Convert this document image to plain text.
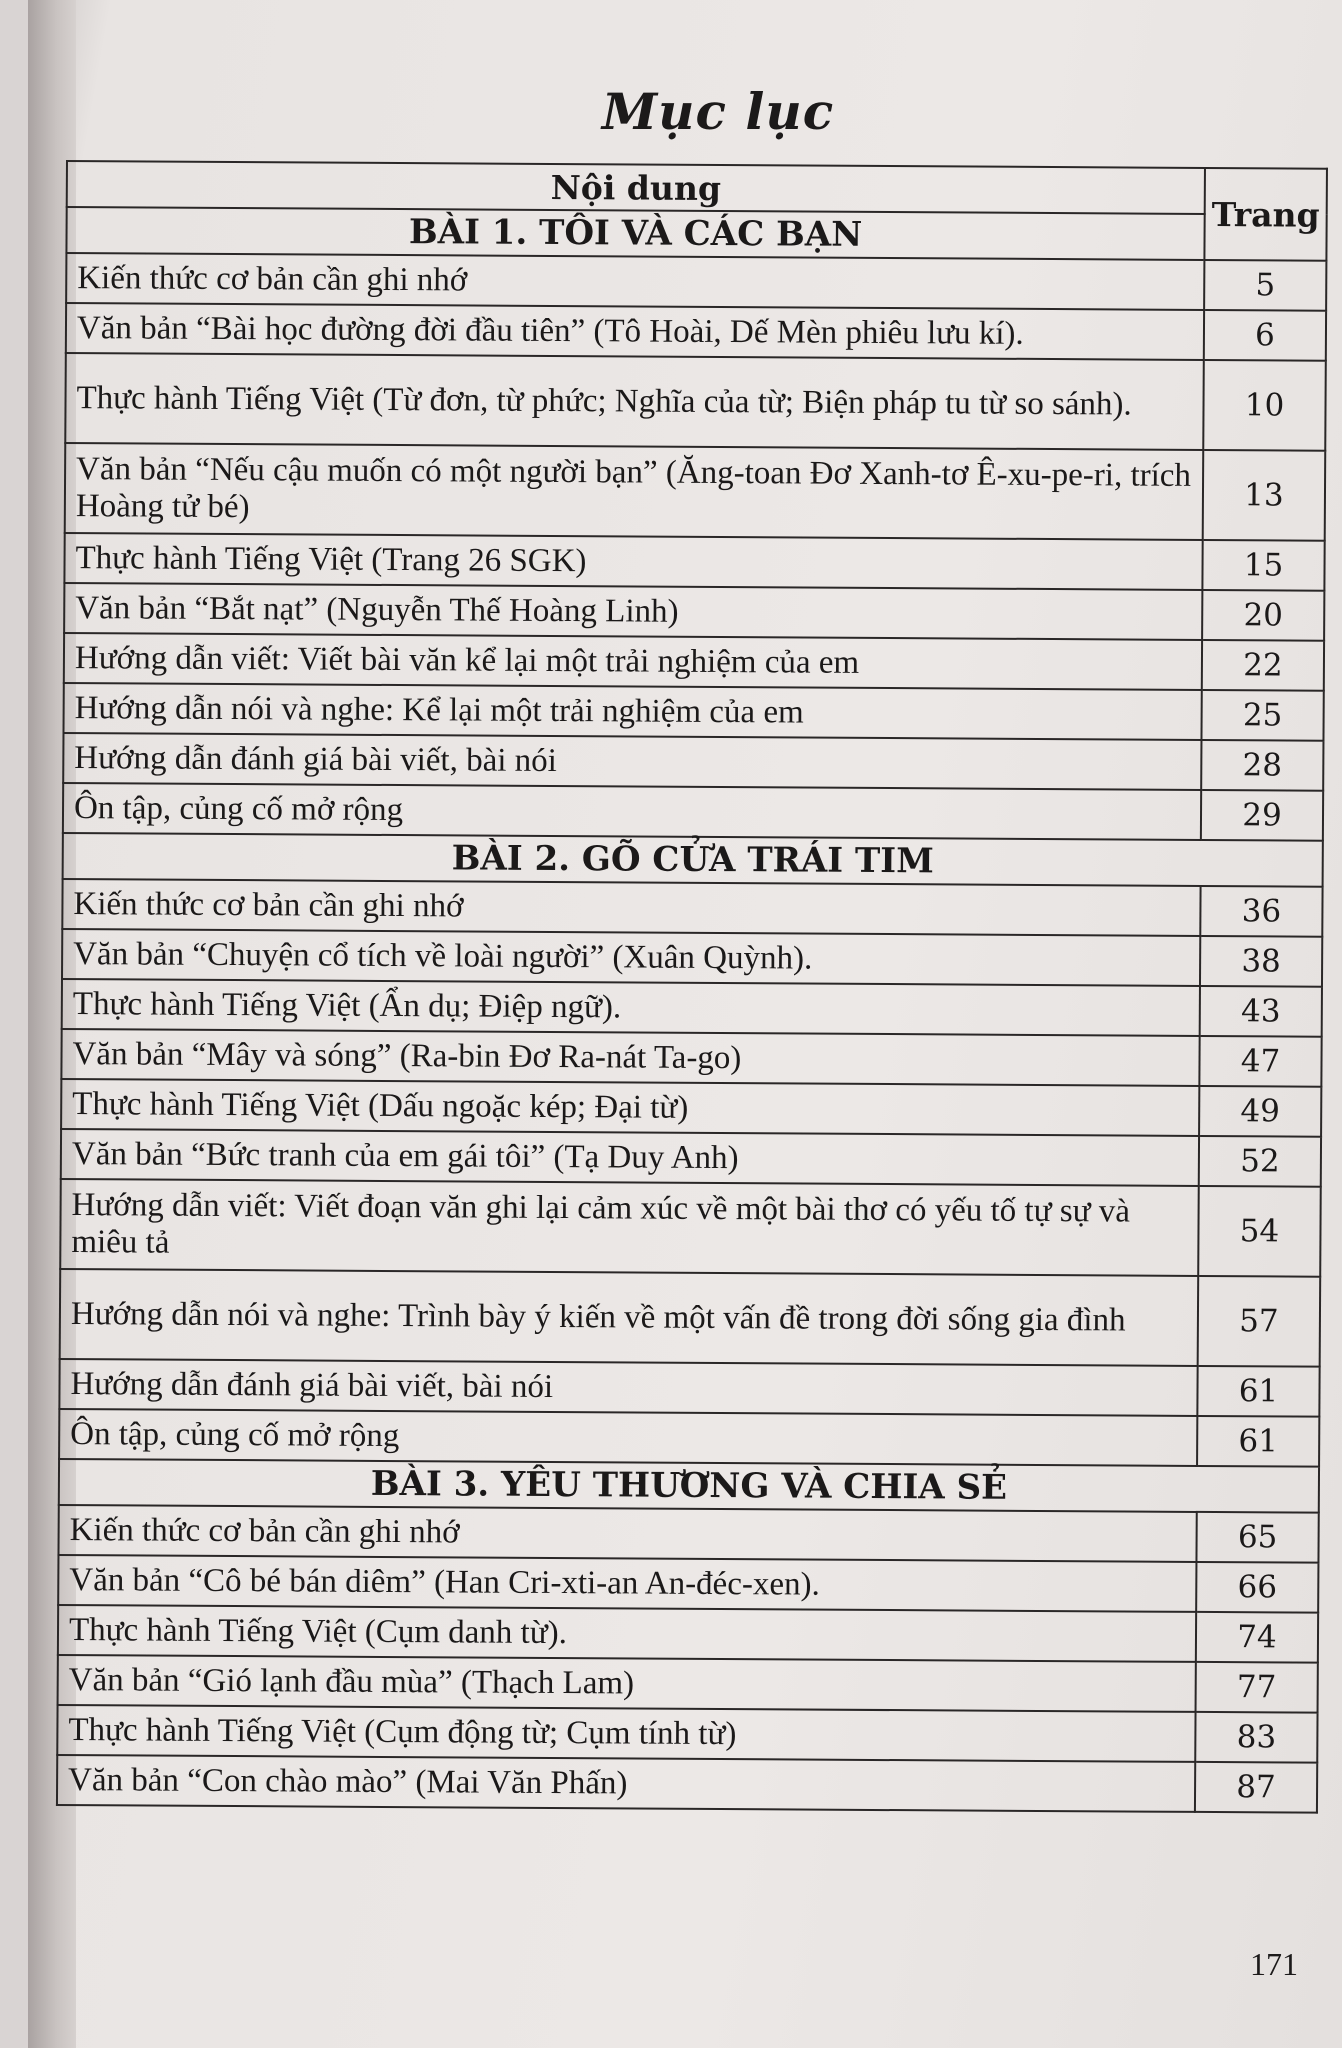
Mục lục
Nội dung	Trang
BÀI 1. TÔI VÀ CÁC BẠN	
Kiến thức cơ bản cần ghi nhớ	5
Văn bản “Bài học đường đời đầu tiên” (Tô Hoài, Dế Mèn phiêu lưu kí).	6
Thực hành Tiếng Việt (Từ đơn, từ phức; Nghĩa của từ; Biện pháp tu từ so sánh).	10
Văn bản “Nếu cậu muốn có một người bạn” (Ăng-toan Đơ Xanh-tơ Ê-xu-pe-ri, trích Hoàng tử bé)	13
Thực hành Tiếng Việt (Trang 26 SGK)	15
Văn bản “Bắt nạt” (Nguyễn Thế Hoàng Linh)	20
Hướng dẫn viết: Viết bài văn kể lại một trải nghiệm của em	22
Hướng dẫn nói và nghe: Kể lại một trải nghiệm của em	25
Hướng dẫn đánh giá bài viết, bài nói	28
Ôn tập, củng cố mở rộng	29
BÀI 2. GÕ CỬA TRÁI TIM	
Kiến thức cơ bản cần ghi nhớ	36
Văn bản “Chuyện cổ tích về loài người” (Xuân Quỳnh).	38
Thực hành Tiếng Việt (Ẩn dụ; Điệp ngữ).	43
Văn bản “Mây và sóng” (Ra-bin Đơ Ra-nát Ta-go)	47
Thực hành Tiếng Việt (Dấu ngoặc kép; Đại từ)	49
Văn bản “Bức tranh của em gái tôi” (Tạ Duy Anh)	52
Hướng dẫn viết: Viết đoạn văn ghi lại cảm xúc về một bài thơ có yếu tố tự sự và miêu tả	54
Hướng dẫn nói và nghe: Trình bày ý kiến về một vấn đề trong đời sống gia đình	57
Hướng dẫn đánh giá bài viết, bài nói	61
Ôn tập, củng cố mở rộng	61
BÀI 3. YÊU THƯƠNG VÀ CHIA SẺ	
Kiến thức cơ bản cần ghi nhớ	65
Văn bản “Cô bé bán diêm” (Han Cri-xti-an An-đéc-xen).	66
Thực hành Tiếng Việt (Cụm danh từ).	74
Văn bản “Gió lạnh đầu mùa” (Thạch Lam)	77
Thực hành Tiếng Việt (Cụm động từ; Cụm tính từ)	83
Văn bản “Con chào mào” (Mai Văn Phấn)	87
171
